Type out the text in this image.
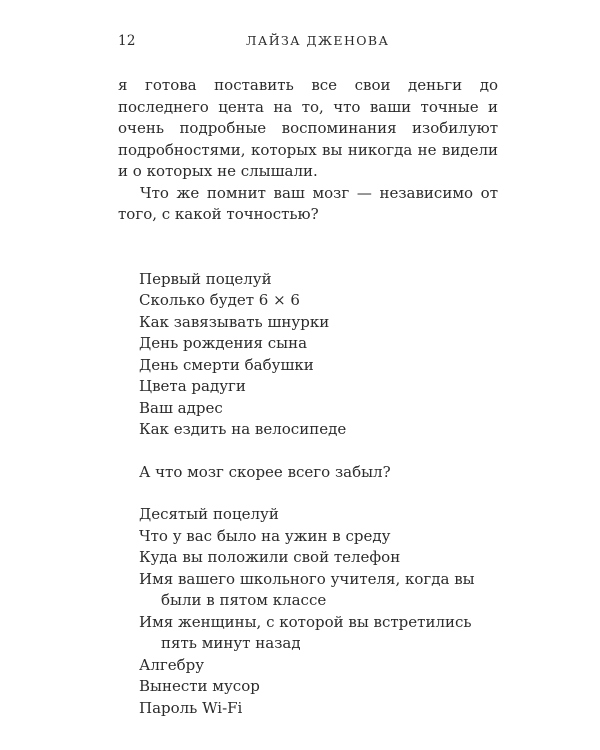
12	ЛАЙЗА ДЖЕНОВА

я готова поставить все свои деньги до последнего цента на то, что ваши точные и очень подробные воспоминания изобилуют подробностями, которых вы никогда не видели и о которых не слышали.

Что же помнит ваш мозг — независимо от того, с какой точностью?

Первый поцелуй
Сколько будет 6 × 6
Как завязывать шнурки
День рождения сына
День смерти бабушки
Цвета радуги
Ваш адрес
Как ездить на велосипеде

А что мозг скорее всего забыл?

Десятый поцелуй
Что у вас было на ужин в среду
Куда вы положили свой телефон
Имя вашего школьного учителя, когда вы были в пятом классе
Имя женщины, с которой вы встретились пять минут назад
Алгебру
Вынести мусор
Пароль Wi-Fi
